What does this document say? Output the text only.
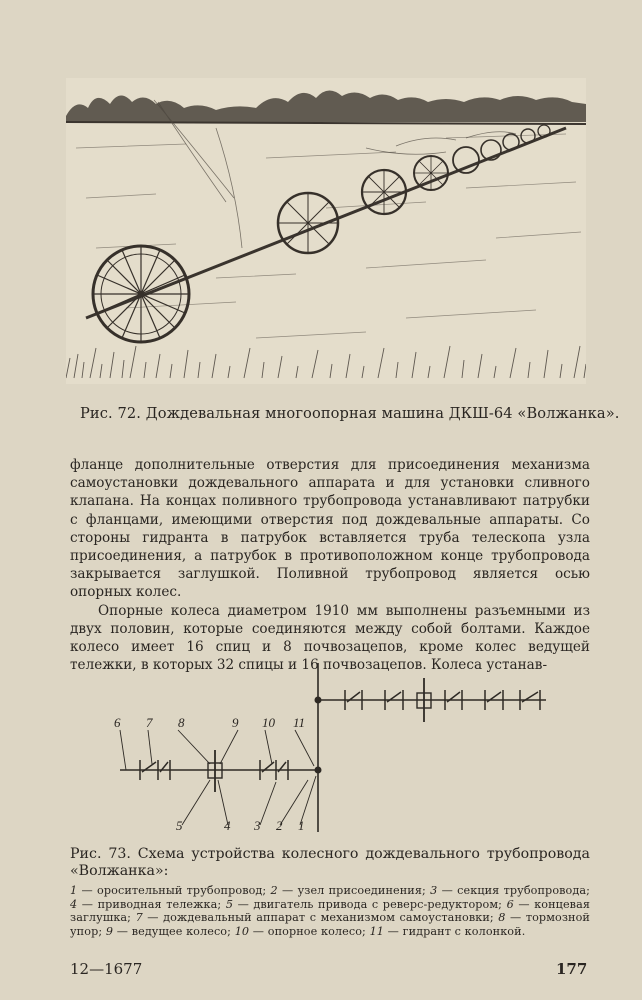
Рис. 72. Дождевальная многоопорная машина ДКШ-64 «Волжанка».

фланце дополнительные отверстия для присоединения механизма самоустановки дождевального аппарата и для установки сливного клапана. На концах поливного трубопровода устанавливают патрубки с фланцами, имеющими отверстия под дождевальные аппараты. Со стороны гидранта в патрубок вставляется труба телескопа узла присоединения, а патрубок в противоположном конце трубопровода закрывается заглушкой. Поливной трубопровод является осью опорных колес.

Опорные колеса диаметром 1910 мм выполнены разъемными из двух половин, которые соединяются между собой болтами. Каждое колесо имеет 16 спиц и 8 почвозацепов, кроме колес ведущей тележки, в которых 32 спицы и 16 почвозацепов. Колеса устанав-

6 7 8	9 10 11
5	4 3 2 1
Рис. 73. Схема устройства колесного дождевального трубопровода «Волжанка»:
1 — оросительный трубопровод; 2 — узел присоединения; 3 — секция трубопровода; 4 — приводная тележка; 5 — двигатель привода с реверс-редуктором; 6 — концевая заглушка; 7 — дождевальный аппарат с механизмом самоустановки; 8 — тормозной упор; 9 — ведущее колесо; 10 — опорное колесо; 11 — гидрант с колонкой.
12—1677	177
